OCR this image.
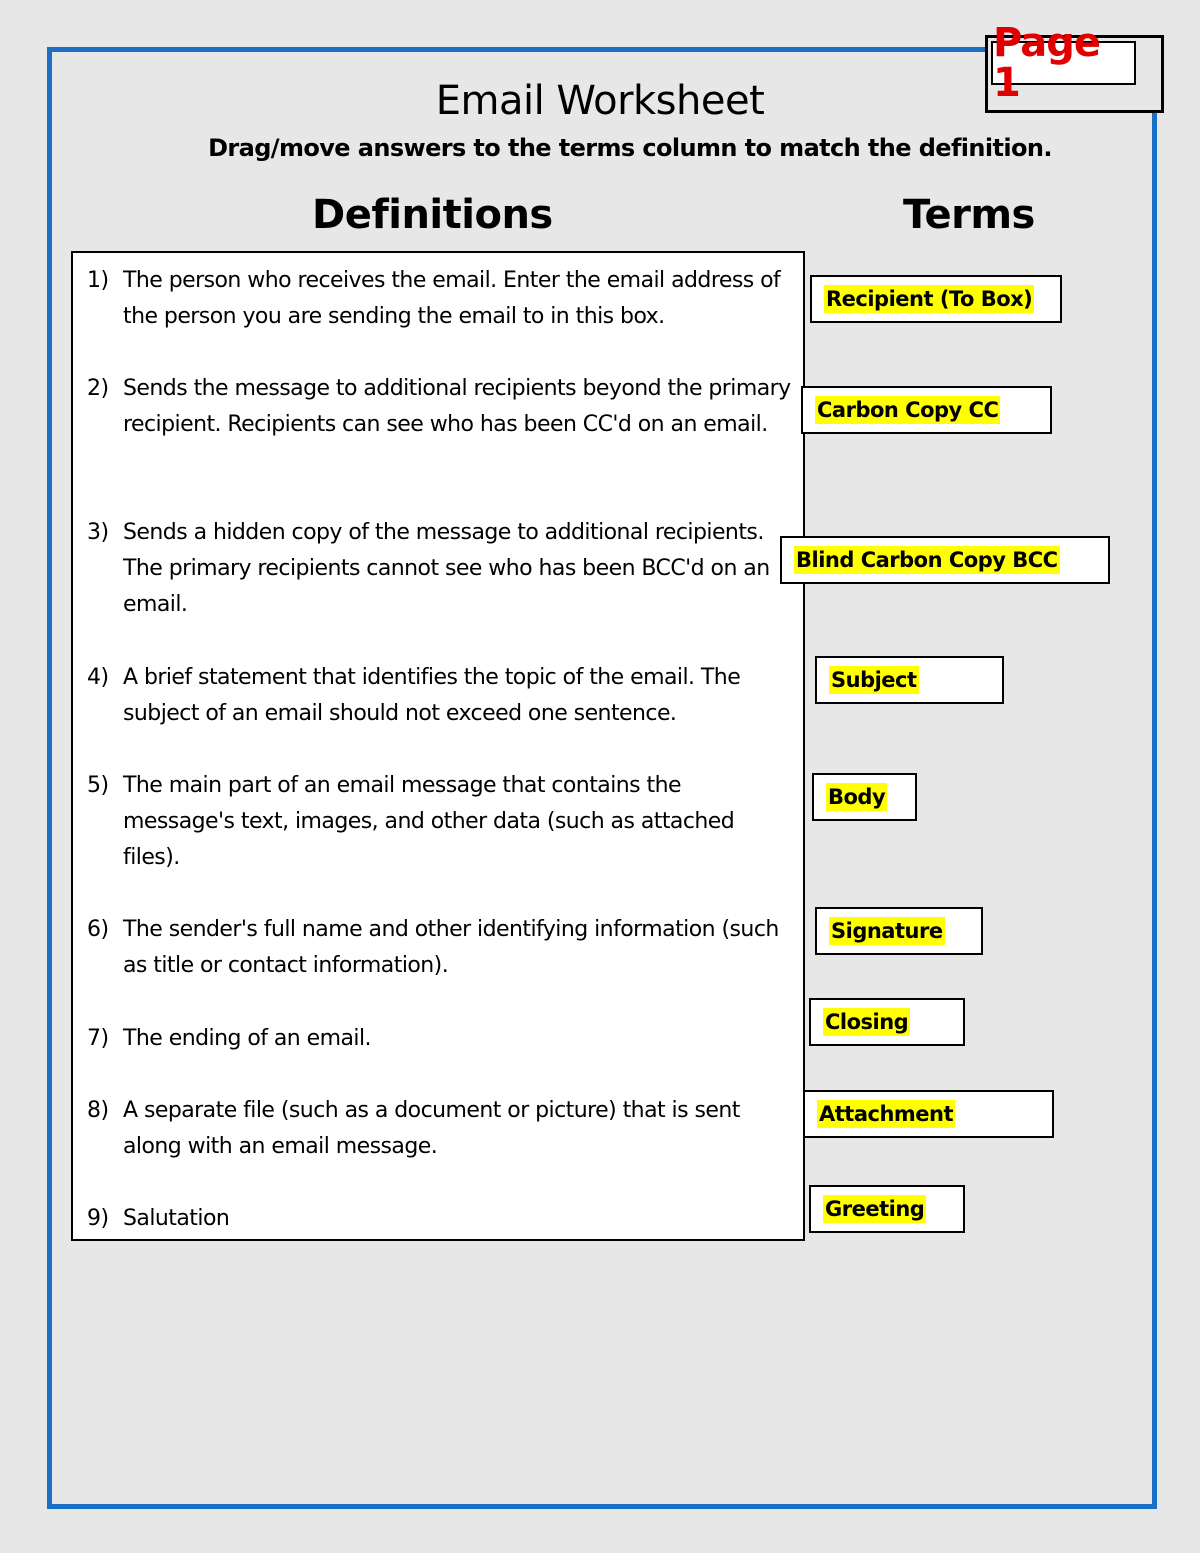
Page 1
Email Worksheet
Drag/move answers to the terms column to match the definition.
Definitions	Terms
1) The person who receives the email. Enter the email address of the person you are sending the email to in this box.
2) Sends the message to additional recipients beyond the primary recipient. Recipients can see who has been CC'd on an email.
3) Sends a hidden copy of the message to additional recipients. The primary recipients cannot see who has been BCC'd on an email.
4) A brief statement that identifies the topic of the email. The subject of an email should not exceed one sentence.
5) The main part of an email message that contains the message's text, images, and other data (such as attached files).
6) The sender's full name and other identifying information (such as title or contact information).
7) The ending of an email.
8) A separate file (such as a document or picture) that is sent along with an email message.
9) Salutation
Recipient (To Box)
Carbon Copy CC
Blind Carbon Copy BCC
Subject
Body
Signature
Closing
Attachment
Greeting
